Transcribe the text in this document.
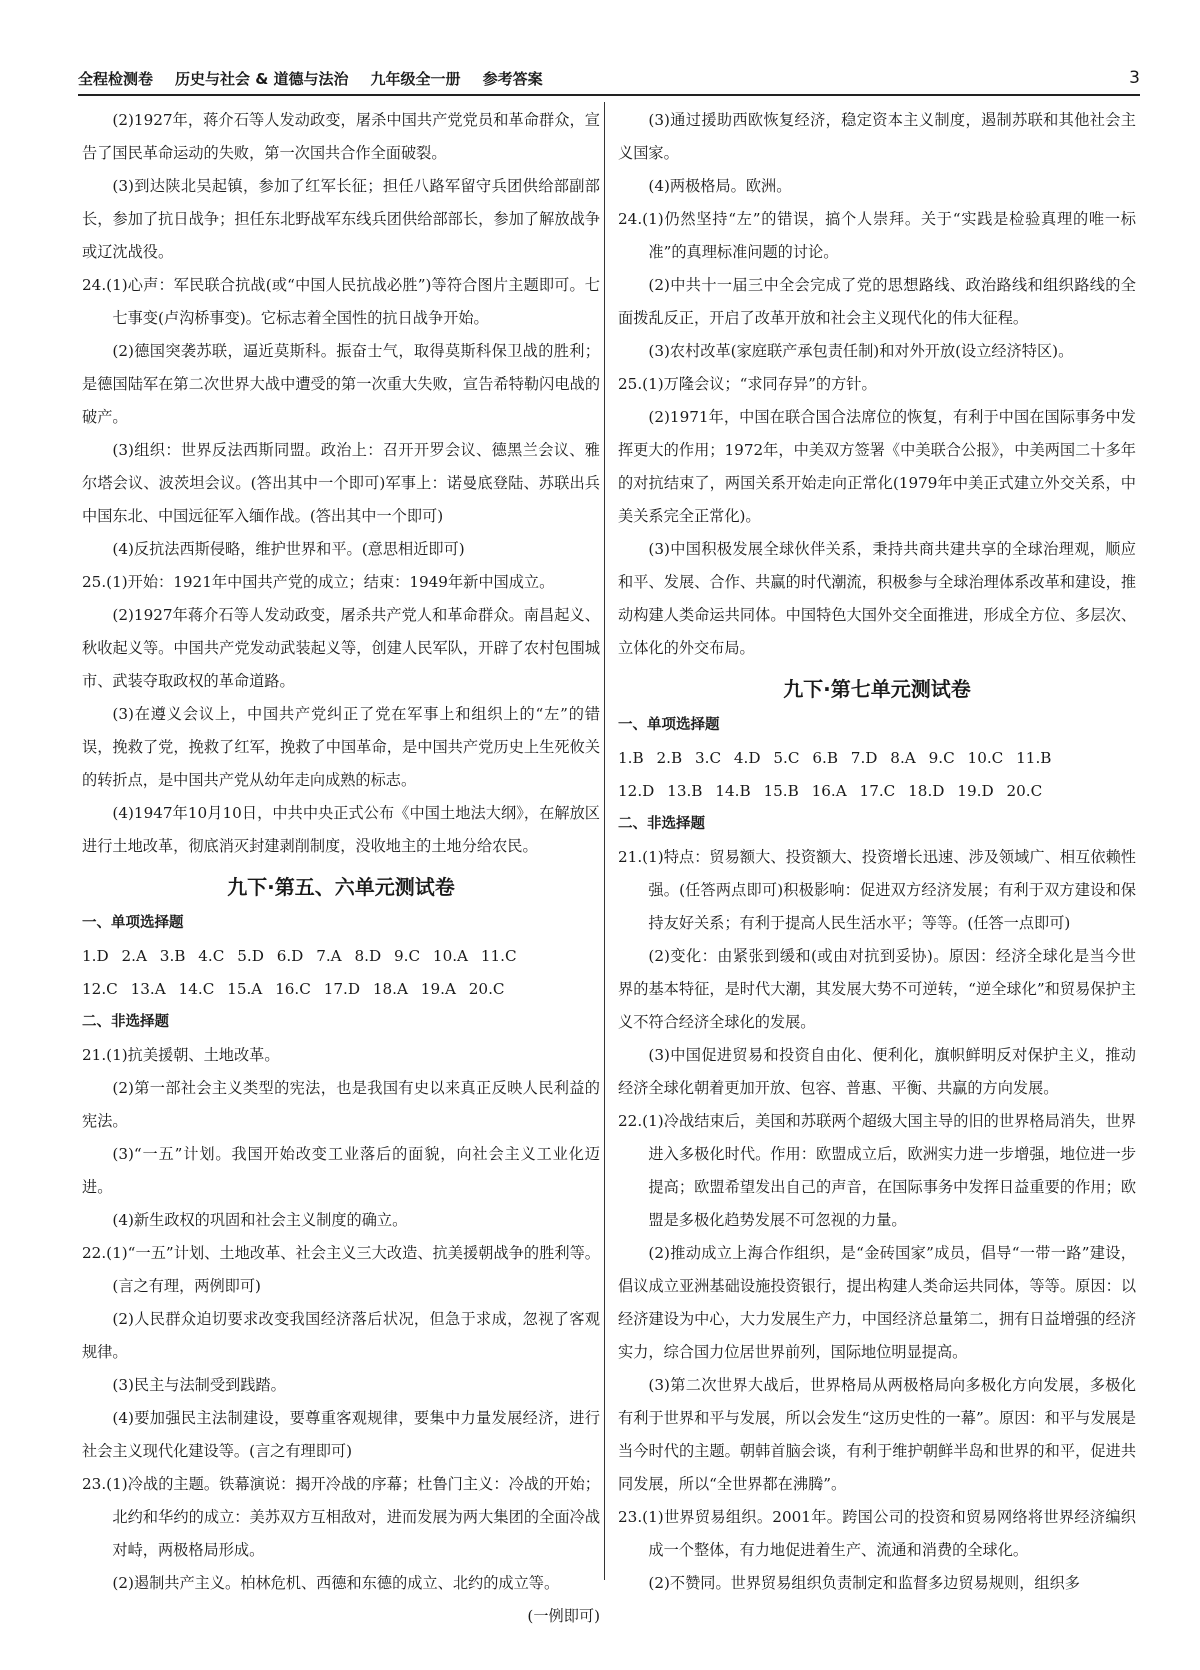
全程检测卷 历史与社会 & 道德与法治 九年级全一册 参考答案	3

(2)1927年，蒋介石等人发动政变，屠杀中国共产党党员和革命群众，宣告了国民革命运动的失败，第一次国共合作全面破裂。

(3)到达陕北吴起镇，参加了红军长征；担任八路军留守兵团供给部副部长，参加了抗日战争；担任东北野战军东线兵团供给部部长，参加了解放战争或辽沈战役。

24.(1)心声：军民联合抗战(或“中国人民抗战必胜”)等符合图片主题即可。七七事变(卢沟桥事变)。它标志着全国性的抗日战争开始。

(2)德国突袭苏联，逼近莫斯科。振奋士气，取得莫斯科保卫战的胜利；是德国陆军在第二次世界大战中遭受的第一次重大失败，宣告希特勒闪电战的破产。

(3)组织：世界反法西斯同盟。政治上：召开开罗会议、德黑兰会议、雅尔塔会议、波茨坦会议。(答出其中一个即可)军事上：诺曼底登陆、苏联出兵中国东北、中国远征军入缅作战。(答出其中一个即可)

(4)反抗法西斯侵略，维护世界和平。(意思相近即可)

25.(1)开始：1921年中国共产党的成立；结束：1949年新中国成立。

(2)1927年蒋介石等人发动政变，屠杀共产党人和革命群众。南昌起义、秋收起义等。中国共产党发动武装起义等，创建人民军队，开辟了农村包围城市、武装夺取政权的革命道路。

(3)在遵义会议上，中国共产党纠正了党在军事上和组织上的“左”的错误，挽救了党，挽救了红军，挽救了中国革命，是中国共产党历史上生死攸关的转折点，是中国共产党从幼年走向成熟的标志。

(4)1947年10月10日，中共中央正式公布《中国土地法大纲》，在解放区进行土地改革，彻底消灭封建剥削制度，没收地主的土地分给农民。

九下·第五、六单元测试卷

一、单项选择题

1.D 2.A 3.B 4.C 5.D 6.D 7.A 8.D 9.C 10.A 11.C

12.C 13.A 14.C 15.A 16.C 17.D 18.A 19.A 20.C

二、非选择题

21.(1)抗美援朝、土地改革。

(2)第一部社会主义类型的宪法，也是我国有史以来真正反映人民利益的宪法。

(3)“一五”计划。我国开始改变工业落后的面貌，向社会主义工业化迈进。

(4)新生政权的巩固和社会主义制度的确立。

22.(1)“一五”计划、土地改革、社会主义三大改造、抗美援朝战争的胜利等。(言之有理，两例即可)

(2)人民群众迫切要求改变我国经济落后状况，但急于求成，忽视了客观规律。

(3)民主与法制受到践踏。

(4)要加强民主法制建设，要尊重客观规律，要集中力量发展经济，进行社会主义现代化建设等。(言之有理即可)

23.(1)冷战的主题。铁幕演说：揭开冷战的序幕；杜鲁门主义：冷战的开始；北约和华约的成立：美苏双方互相敌对，进而发展为两大集团的全面冷战对峙，两极格局形成。

(2)遏制共产主义。柏林危机、西德和东德的成立、北约的成立等。

(一例即可)

(3)通过援助西欧恢复经济，稳定资本主义制度，遏制苏联和其他社会主义国家。

(4)两极格局。欧洲。

24.(1)仍然坚持“左”的错误，搞个人崇拜。关于“实践是检验真理的唯一标准”的真理标准问题的讨论。

(2)中共十一届三中全会完成了党的思想路线、政治路线和组织路线的全面拨乱反正，开启了改革开放和社会主义现代化的伟大征程。

(3)农村改革(家庭联产承包责任制)和对外开放(设立经济特区)。

25.(1)万隆会议；“求同存异”的方针。

(2)1971年，中国在联合国合法席位的恢复，有利于中国在国际事务中发挥更大的作用；1972年，中美双方签署《中美联合公报》，中美两国二十多年的对抗结束了，两国关系开始走向正常化(1979年中美正式建立外交关系，中美关系完全正常化)。

(3)中国积极发展全球伙伴关系，秉持共商共建共享的全球治理观，顺应和平、发展、合作、共赢的时代潮流，积极参与全球治理体系改革和建设，推动构建人类命运共同体。中国特色大国外交全面推进，形成全方位、多层次、立体化的外交布局。

九下·第七单元测试卷

一、单项选择题

1.B 2.B 3.C 4.D 5.C 6.B 7.D 8.A 9.C 10.C 11.B

12.D 13.B 14.B 15.B 16.A 17.C 18.D 19.D 20.C

二、非选择题

21.(1)特点：贸易额大、投资额大、投资增长迅速、涉及领域广、相互依赖性强。(任答两点即可)积极影响：促进双方经济发展；有利于双方建设和保持友好关系；有利于提高人民生活水平；等等。(任答一点即可)

(2)变化：由紧张到缓和(或由对抗到妥协)。原因：经济全球化是当今世界的基本特征，是时代大潮，其发展大势不可逆转，“逆全球化”和贸易保护主义不符合经济全球化的发展。

(3)中国促进贸易和投资自由化、便利化，旗帜鲜明反对保护主义，推动经济全球化朝着更加开放、包容、普惠、平衡、共赢的方向发展。

22.(1)冷战结束后，美国和苏联两个超级大国主导的旧的世界格局消失，世界进入多极化时代。作用：欧盟成立后，欧洲实力进一步增强，地位进一步提高；欧盟希望发出自己的声音，在国际事务中发挥日益重要的作用；欧盟是多极化趋势发展不可忽视的力量。

(2)推动成立上海合作组织，是“金砖国家”成员，倡导“一带一路”建设，倡议成立亚洲基础设施投资银行，提出构建人类命运共同体，等等。原因：以经济建设为中心，大力发展生产力，中国经济总量第二，拥有日益增强的经济实力，综合国力位居世界前列，国际地位明显提高。

(3)第二次世界大战后，世界格局从两极格局向多极化方向发展，多极化有利于世界和平与发展，所以会发生“这历史性的一幕”。原因：和平与发展是当今时代的主题。朝韩首脑会谈，有利于维护朝鲜半岛和世界的和平，促进共同发展，所以“全世界都在沸腾”。

23.(1)世界贸易组织。2001年。跨国公司的投资和贸易网络将世界经济编织成一个整体，有力地促进着生产、流通和消费的全球化。

(2)不赞同。世界贸易组织负责制定和监督多边贸易规则，组织多
